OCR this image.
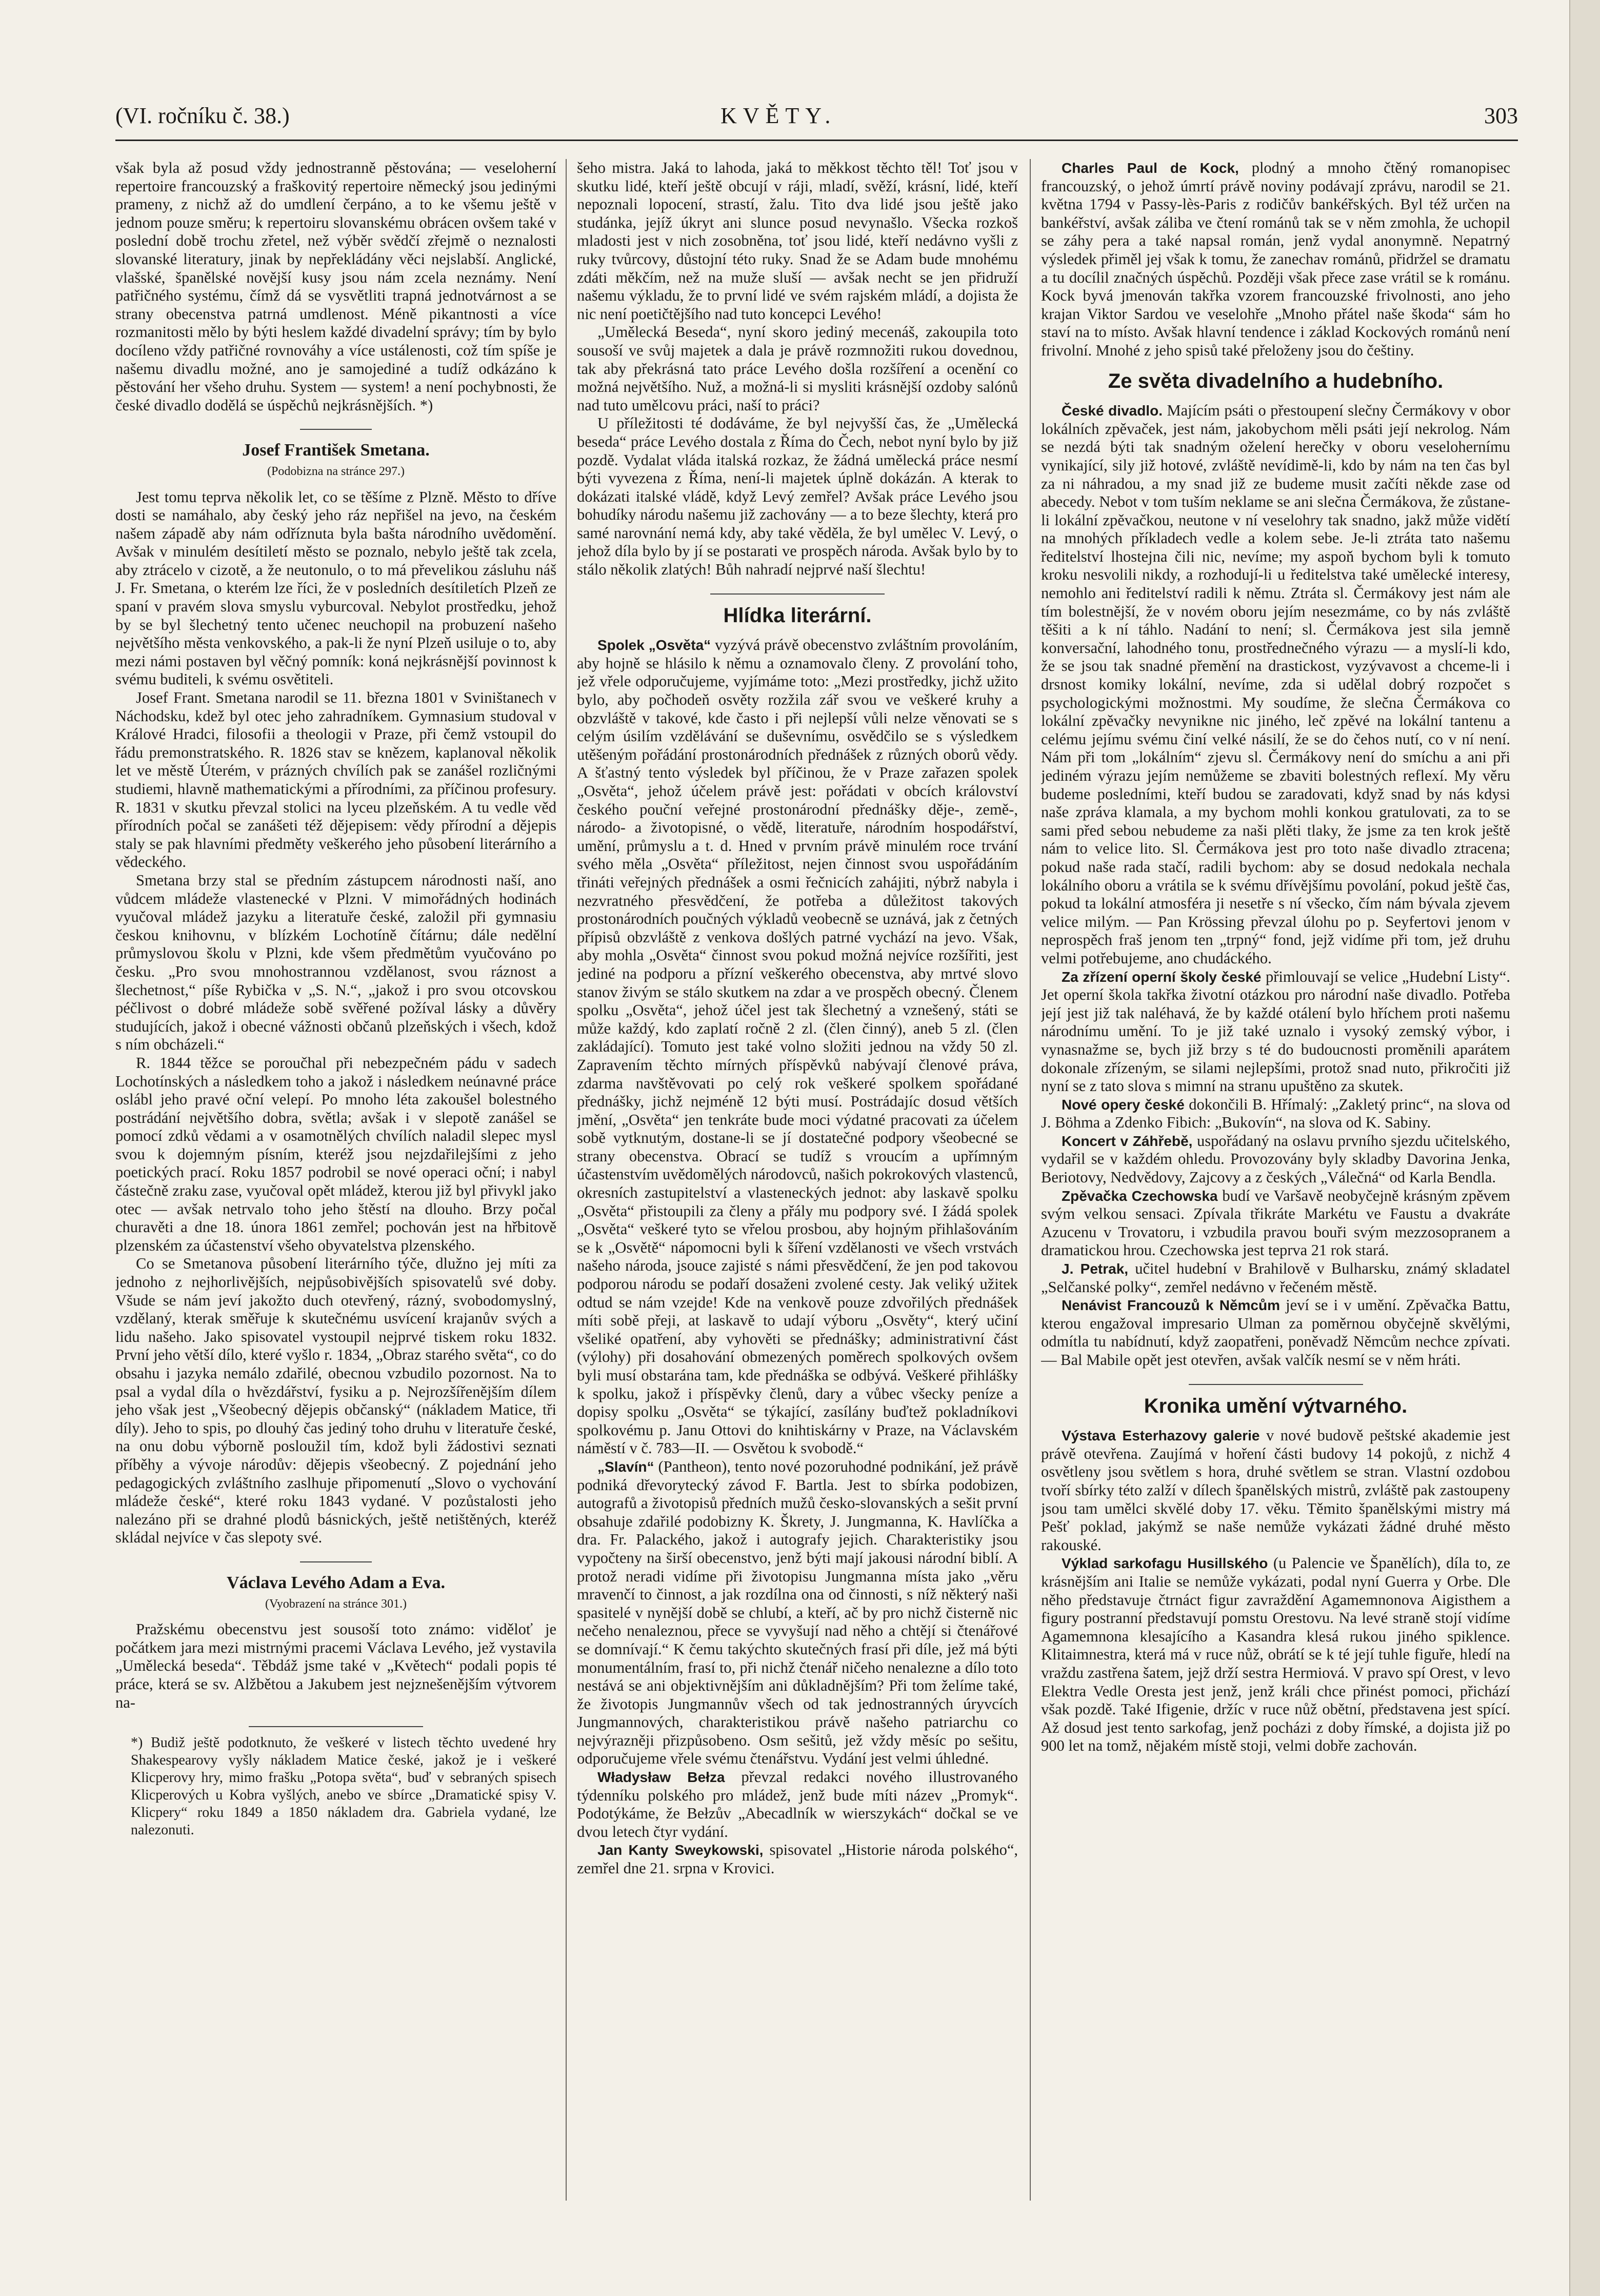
(VI. ročníku č. 38.)	KVĚTY.	303

však byla až posud vždy jednostranně pěstována; — veseloherní repertoire francouzský a fraškovitý repertoire německý jsou jedinými prameny, z nichž až do umdlení čerpáno, a to ke všemu ještě v jednom pouze směru; k repertoiru slovanskému obrácen ovšem také v poslední době trochu zřetel, než výběr svědčí zřejmě o neznalosti slovanské literatury, jinak by nepřekládány věci nejslabší. Anglické, vlašské, španělské novější kusy jsou nám zcela neznámy. Není patřičného systému, čímž dá se vysvětliti trapná jednotvárnost a se strany obecenstva patrná umdlenost. Méně pikantnosti a více rozmanitosti mělo by býti heslem každé divadelní správy; tím by bylo docíleno vždy patřičné rovnováhy a více ustálenosti, což tím spíše je našemu divadlu možné, ano je samojediné a tudíž odkázáno k pěstování her všeho druhu. System — system! a není pochybnosti, že české divadlo dodělá se úspěchů nejkrásnějších. *)

Josef František Smetana.

(Podobizna na stránce 297.)

Jest tomu teprva několik let, co se těšíme z Plzně. Město to dříve dosti se namáhalo, aby český jeho ráz nepřišel na jevo, na českém našem západě aby nám odříznuta byla bašta národního uvědomění. Avšak v minulém desítiletí město se poznalo, nebylo ještě tak zcela, aby ztrácelo v cizotě, a že neutonulo, o to má převelikou zásluhu náš J. Fr. Smetana, o kterém lze říci, že v posledních desítiletích Plzeň ze spaní v pravém slova smyslu vyburcoval. Nebylot prostředku, jehož by se byl šlechetný tento učenec neuchopil na probuzení našeho největšího města venkovského, a pak-li že nyní Plzeň usiluje o to, aby mezi námi postaven byl věčný pomník: koná nejkrásnější povinnost k svému buditeli, k svému osvětiteli.

Josef Frant. Smetana narodil se 11. března 1801 v Sviništanech v Náchodsku, kdež byl otec jeho zahradníkem. Gymnasium studoval v Králové Hradci, filosofii a theologii v Praze, při čemž vstoupil do řádu premonstratského. R. 1826 stav se knězem, kaplanoval několik let ve městě Úterém, v prázných chvílích pak se zanášel rozličnými studiemi, hlavně mathematickými a přírodními, za příčinou profesury. R. 1831 v skutku převzal stolici na lyceu plzeňském. A tu vedle věd přírodních počal se zanášeti též dějepisem: vědy přírodní a dějepis staly se pak hlavními předměty veškerého jeho působení literárního a vědeckého.

Smetana brzy stal se předním zástupcem národnosti naší, ano vůdcem mládeže vlastenecké v Plzni. V mimořádných hodinách vyučoval mládež jazyku a literatuře české, založil při gymnasiu českou knihovnu, v blízkém Lochotíně čítárnu; dále nedělní průmyslovou školu v Plzni, kde všem předmětům vyučováno po česku. „Pro svou mnohostrannou vzdělanost, svou ráznost a šlechetnost,“ píše Rybička v „S. N.“, „jakož i pro svou otcovskou péčlivost o dobré mládeže sobě svěřené požíval lásky a důvěry studujících, jakož i obecné vážnosti občanů plzeňských i všech, kdož s ním obcházeli.“

R. 1844 těžce se poroučhal při nebezpečném pádu v sadech Lochotínských a následkem toho a jakož i následkem neúnavné práce oslábl jeho pravé oční velepí. Po mnoho léta zakoušel bolestného postrádání největšího dobra, světla; avšak i v slepotě zanášel se pomocí zdků vědami a v osamotnělých chvílích naladil slepec mysl svou k dojemným písním, kteréž jsou nejzdařilejšími z jeho poetických prací. Roku 1857 podrobil se nové operaci oční; i nabyl částečně zraku zase, vyučoval opět mládež, kterou již byl přivykl jako otec — avšak netrvalo toho jeho štěstí na dlouho. Brzy počal churavěti a dne 18. února 1861 zemřel; pochován jest na hřbitově plzenském za účastenství všeho obyvatelstva plzenského.

Co se Smetanova působení literárního týče, dlužno jej míti za jednoho z nejhorlivějších, nejpůsobivějších spisovatelů své doby. Všude se nám jeví jakožto duch otevřený, rázný, svobodomyslný, vzdělaný, kterak směřuje k skutečnému usvícení krajanův svých a lidu našeho. Jako spisovatel vystoupil nejprvé tiskem roku 1832. První jeho větší dílo, které vyšlo r. 1834, „Obraz starého světa“, co do obsahu i jazyka nemálo zdařilé, obecnou vzbudilo pozornost. Na to psal a vydal díla o hvězdářství, fysiku a p. Nejrozšířenějším dílem jeho však jest „Všeobecný dějepis občanský“ (nákladem Matice, tři díly). Jeho to spis, po dlouhý čas jediný toho druhu v literatuře české, na onu dobu výborně posloužil tím, kdož byli žádostivi seznati příběhy a vývoje národův: dějepis všeobecný. Z pojednání jeho pedagogických zvláštního zaslhuje připomenutí „Slovo o vychování mládeže české“, které roku 1843 vydané. V pozůstalosti jeho nalezáno při se drahné plodů básnických, ještě netištěných, kteréž skládal nejvíce v čas slepoty své.

Václava Levého Adam a Eva.

(Vyobrazení na stránce 301.)

Pražskému obecenstvu jest sousoší toto známo: viděloť je počátkem jara mezi mistrnými pracemi Václava Levého, jež vystavila „Umělecká beseda“. Těbdáž jsme také v „Květech“ podali popis té práce, která se sv. Alžbětou a Jakubem jest nejznešenějším výtvorem na-

*) Budiž ještě podotknuto, že veškeré v listech těchto uvedené hry Shakespearovy vyšly nákladem Matice české, jakož je i veškeré Klicperovy hry, mimo frašku „Potopa světa“, buď v sebraných spisech Klicperových u Kobra vyšlých, anebo ve sbírce „Dramatické spisy V. Klicpery“ roku 1849 a 1850 nákladem dra. Gabriela vydané, lze nalezonuti.

šeho mistra. Jaká to lahoda, jaká to měkkost těchto těl! Toť jsou v skutku lidé, kteří ještě obcují v ráji, mladí, svěží, krásní, lidé, kteří nepoznali lopocení, strastí, žalu. Tito dva lidé jsou ještě jako studánka, jejíž úkryt ani slunce posud nevynašlo. Všecka rozkoš mladosti jest v nich zosobněna, toť jsou lidé, kteří nedávno vyšli z ruky tvůrcovy, důstojní této ruky. Snad že se Adam bude mnohému zdáti měkčím, než na muže sluší — avšak necht se jen přidruží našemu výkladu, že to první lidé ve svém rajském mládí, a dojista že nic není poetičtějšího nad tuto koncepci Levého!

„Umělecká Beseda“, nyní skoro jediný mecenáš, zakoupila toto sousoší ve svůj majetek a dala je právě rozmnožiti rukou dovednou, tak aby překrásná tato práce Levého došla rozšíření a ocenění co možná největšího. Nuž, a možná-li si mysliti krásnější ozdoby salónů nad tuto umělcovu práci, naší to práci?

U příležitosti té dodáváme, že byl nejvyšší čas, že „Umělecká beseda“ práce Levého dostala z Říma do Čech, nebot nyní bylo by již pozdě. Vydalat vláda italská rozkaz, že žádná umělecká práce nesmí býti vyvezena z Říma, není-li majetek úplně dokázán. A kterak to dokázati italské vládě, když Levý zemřel? Avšak práce Levého jsou bohudíky národu našemu již zachovány — a to beze šlechty, která pro samé narovnání nemá kdy, aby také věděla, že byl umělec V. Levý, o jehož díla bylo by jí se postarati ve prospěch národa. Avšak bylo by to stálo několik zlatých! Bůh nahradí nejprvé naší šlechtu!

Hlídka literární.

Spolek „Osvěta“ vyzývá právě obecenstvo zvláštním provoláním, aby hojně se hlásilo k němu a oznamovalo členy. Z provolání toho, jež vřele odporučujeme, vyjímáme toto: „Mezi prostředky, jichž užito bylo, aby počhodeň osvěty rozžila zář svou ve veškeré kruhy a obzvláště v takové, kde často i při nejlepší vůli nelze věnovati se s celým úsilím vzdělávání se duševnímu, osvědčilo se s výsledkem utěšeným pořádání prostonárodních přednášek z různých oborů vědy. A šťastný tento výsledek byl příčinou, že v Praze zařazen spolek „Osvěta“, jehož účelem právě jest: pořádati v obcích království českého pouční veřejné prostonárodní přednášky děje-, země-, národo- a životopisné, o vědě, literatuře, národním hospodářství, umění, průmyslu a t. d. Hned v prvním právě minulém roce trvání svého měla „Osvěta“ příležitost, nejen činnost svou uspořádáním třináti veřejných přednášek a osmi řečnicích zahájiti, nýbrž nabyla i nezvratného přesvědčení, že potřeba a důležitost takových prostonárodních poučných výkladů veobecně se uznává, jak z četných přípisů obzvláště z venkova došlých patrné vychází na jevo. Však, aby mohla „Osvěta“ činnost svou pokud možná nejvíce rozšířiti, jest jediné na podporu a přízní veškerého obecenstva, aby mrtvé slovo stanov živým se stálo skutkem na zdar a ve prospěch obecný. Členem spolku „Osvěta“, jehož účel jest tak šlechetný a vznešený, státi se může každý, kdo zaplatí ročně 2 zl. (člen činný), aneb 5 zl. (člen zakládající). Tomuto jest také volno složiti jednou na vždy 50 zl. Zapravením těchto mírných příspěvků nabývají členové práva, zdarma navštěvovati po celý rok veškeré spolkem spořádané přednášky, jichž nejméně 12 býti musí. Postrádajíc dosud větších jmění, „Osvěta“ jen tenkráte bude moci výdatné pracovati za účelem sobě vytknutým, dostane-li se jí dostatečné podpory všeobecné se strany obecenstva. Obrací se tudíž s vroucím a upřímným účastenstvím uvědomělých národovců, našich pokrokových vlastenců, okresních zastupitelství a vlasteneckých jednot: aby laskavě spolku „Osvěta“ přistoupili za členy a přály mu podpory své. I žádá spolek „Osvěta“ veškeré tyto se vřelou prosbou, aby hojným přihlašováním se k „Osvětě“ nápomocni byli k šíření vzdělanosti ve všech vrstvách našeho národa, jsouce zajisté s námi přesvědčení, že jen pod takovou podporou národu se podaří dosaženi zvolené cesty. Jak veliký užitek odtud se nám vzejde! Kde na venkově pouze zdvořilých přednášek míti sobě přeji, at laskavě to udají výboru „Osvěty“, který učiní všeliké opatření, aby vyhověti se přednášky; administrativní část (výlohy) při dosahování obmezených poměrech spolkových ovšem byli musí obstarána tam, kde přednáška se odbývá. Veškeré přihlášky k spolku, jakož i příspěvky členů, dary a vůbec všecky peníze a dopisy spolku „Osvěta“ se týkající, zasílány buďtež pokladníkovi spolkovému p. Janu Ottovi do knihtiskárny v Praze, na Václavském náměstí v č. 783—II. — Osvětou k svobodě.“

„Slavín“ (Pantheon), tento nové pozoruhodné podnikání, jež právě podniká dřevorytecký závod F. Bartla. Jest to sbírka podobizen, autografů a životopisů předních mužů česko-slovanských a sešit první obsahuje zdařilé podobizny K. Škrety, J. Jungmanna, K. Havlíčka a dra. Fr. Palackého, jakož i autografy jejich. Charakteristiky jsou vypočteny na širší obecenstvo, jenž býti mají jakousi národní biblí. A protož neradi vidíme při životopisu Jungmanna místa jako „věru mravenčí to činnost, a jak rozdílna ona od činnosti, s níž některý naši spasitelé v nynější době se chlubí, a kteří, ač by pro nichž čisterně nic nečeho nenaleznou, přece se vyvyšují nad něho a chtějí si čtenářové se domnívají.“ K čemu takýchto skutečných frasí při díle, jež má býti monumentálním, frasí to, při nichž čtenář ničeho nenalezne a dílo toto nestává se ani objektivnějším ani důkladnějším? Při tom želíme také, že životopis Jungmannův všech od tak jednostranných úryvcích Jungmannových, charakteristikou právě našeho patriarchu co nejvýrazněji přizpůsobeno. Osm sešitů, jež vždy měsíc po sešitu, odporučujeme vřele svému čtenářstvu. Vydání jest velmi úhledné.

Władysław Bełza převzal redakci nového illustrovaného týdenníku polského pro mládež, jenž bude míti název „Promyk“. Podotýkáme, že Bełzův „Abecadlník w wierszykách“ dočkal se ve dvou letech čtyr vydání.

Jan Kanty Sweykowski, spisovatel „Historie národa polského“, zemřel dne 21. srpna v Krovici.

Charles Paul de Kock, plodný a mnoho čtěný romanopisec francouzský, o jehož úmrtí právě noviny podávají zprávu, narodil se 21. května 1794 v Passy-lès-Paris z rodičův bankéřských. Byl též určen na bankéřství, avšak záliba ve čtení románů tak se v něm zmohla, že uchopil se záhy pera a také napsal román, jenž vydal anonymně. Nepatrný výsledek přiměl jej však k tomu, že zanechav románů, přidržel se dramatu a tu docílil značných úspěchů. Později však přece zase vrátil se k románu. Kock byvá jmenován takřka vzorem francouzské frivolnosti, ano jeho krajan Viktor Sardou ve veselohře „Mnoho přátel naše škoda“ sám ho staví na to místo. Avšak hlavní tendence i základ Kockových románů není frivolní. Mnohé z jeho spisů také přeloženy jsou do češtiny.

Ze světa divadelního a hudebního.

České divadlo. Majícím psáti o přestoupení slečny Čermákovy v obor lokálních zpěvaček, jest nám, jakobychom měli psáti její nekrolog. Nám se nezdá býti tak snadným oželení herečky v oboru veselohernímu vynikající, sily již hotové, zvláště nevídimě-li, kdo by nám na ten čas byl za ni náhradou, a my snad již ze budeme musit začíti někde zase od abecedy. Nebot v tom tuším neklame se ani slečna Čermákova, že zůstane-li lokální zpěvačkou, neutone v ní veselohry tak snadno, jakž může vidětí na mnohých příkladech vedle a kolem sebe. Je-li ztráta tato našemu ředitelství lhostejna čili nic, nevíme; my aspoň bychom byli k tomuto kroku nesvolili nikdy, a rozhodují-li u ředitelstva také umělecké interesy, nemohlo ani ředitelství radili k němu. Ztráta sl. Čermákovy jest nám ale tím bolestnější, že v novém oboru jejím nesezmáme, co by nás zvláště těšiti a k ní táhlo. Nadání to není; sl. Čermákova jest sila jemně konversační, lahodného tonu, prostřednečného výrazu — a myslí-li kdo, že se jsou tak snadné přemění na drastickost, vyzývavost a chceme-li i drsnost komiky lokální, nevíme, zda si udělal dobrý rozpočet s psychologickými možnostmi. My soudíme, že slečna Čermákova co lokální zpěvačky nevynikne nic jiného, leč zpěvé na lokální tantenu a celému jejímu svému činí velké násilí, že se do čehos nutí, co v ní není. Nám při tom „lokálním“ zjevu sl. Čermákovy není do smíchu a ani při jediném výrazu jejím nemůžeme se zbaviti bolestných reflexí. My věru budeme posledními, kteří budou se zaradovati, když snad by nás kdysi naše zpráva klamala, a my bychom mohli konkou gratulovati, za to se sami před sebou nebudeme za naši plěti tlaky, že jsme za ten krok ještě nám to velice lito. Sl. Čermákova jest pro toto naše divadlo ztracena; pokud naše rada stačí, radili bychom: aby se dosud nedokala nechala lokálního oboru a vrátila se k svému dřívějšímu povolání, pokud ještě čas, pokud ta lokální atmosféra ji nesetře s ní všecko, čím nám bývala zjevem velice milým. — Pan Krössing převzal úlohu po p. Seyfertovi jenom v neprospěch fraš jenom ten „trpný“ fond, jejž vidíme při tom, jež druhu velmi potřebujeme, ano chudáckého.

Za zřízení operní školy české přimlouvají se velice „Hudební Listy“. Jet operní škola takřka životní otázkou pro národní naše divadlo. Potřeba její jest již tak naléhavá, že by každé otálení bylo hříchem proti našemu národnímu umění. To je již také uznalo i vysoký zemský výbor, i vynasnažme se, bych již brzy s té do budoucnosti proměnili aparátem dokonale zřízeným, se silami nejlepšími, protož snad nuto, přikročiti již nyní se z tato slova s mimní na stranu upuštěno za skutek.

Nové opery české dokončili B. Hřímalý: „Zakletý princ“, na slova od J. Böhma a Zdenko Fibich: „Bukovín“, na slova od K. Sabiny.

Koncert v Záhřebě, uspořádaný na oslavu prvního sjezdu učitelského, vydařil se v každém ohledu. Provozovány byly skladby Davorina Jenka, Beriotovy, Nedvědovy, Zajcovy a z českých „Válečná“ od Karla Bendla.

Zpěvačka Czechowska budí ve Varšavě neobyčejně krásným zpěvem svým velkou sensaci. Zpívala třikráte Markétu ve Faustu a dvakráte Azucenu v Trovatoru, i vzbudila pravou bouři svým mezzosopranem a dramatickou hrou. Czechowska jest teprva 21 rok stará.

J. Petrak, učitel hudební v Brahilově v Bulharsku, známý skladatel „Selčanské polky“, zemřel nedávno v řečeném městě.

Nenávist Francouzů k Němcům jeví se i v umění. Zpěvačka Battu, kterou engažoval impresario Ulman za poměrnou obyčejně skvělými, odmítla tu nabídnutí, když zaopatřeni, poněvadž Němcům nechce zpívati. — Bal Mabile opět jest otevřen, avšak valčík nesmí se v něm hráti.

Kronika umění výtvarného.

Výstava Esterhazovy galerie v nové budově peštské akademie jest právě otevřena. Zaujímá v hoření části budovy 14 pokojů, z nichž 4 osvětleny jsou světlem s hora, druhé světlem se stran. Vlastní ozdobou tvoří sbírky této zalží v dílech španělských mistrů, zvláště pak zastoupeny jsou tam umělci skvělé doby 17. věku. Těmito španělskými mistry má Pešť poklad, jakýmž se naše nemůže vykázati žádné druhé město rakouské.

Výklad sarkofagu Husillského (u Palencie ve Španělích), díla to, ze krásnějším ani Italie se nemůže vykázati, podal nyní Guerra y Orbe. Dle něho představuje čtrnáct figur zavraždění Agamemnonova Aigisthem a figury postranní představují pomstu Orestovu. Na levé straně stojí vidíme Agamemnona klesajícího a Kasandra klesá rukou jiného spiklence. Klitaimnestra, která má v ruce nůž, obrátí se k té její tuhle figuře, hledí na vraždu zastřena šatem, jejž drží sestra Hermiová. V pravo spí Orest, v levo Elektra Vedle Oresta jest jenž, jenž králi chce přinést pomoci, přichází však pozdě. Také Ifigenie, držíc v ruce nůž obětní, představena jest spící. Až dosud jest tento sarkofag, jenž pocházi z doby římské, a dojista již po 900 let na tomž, nějakém místě stoji, velmi dobře zachován.
